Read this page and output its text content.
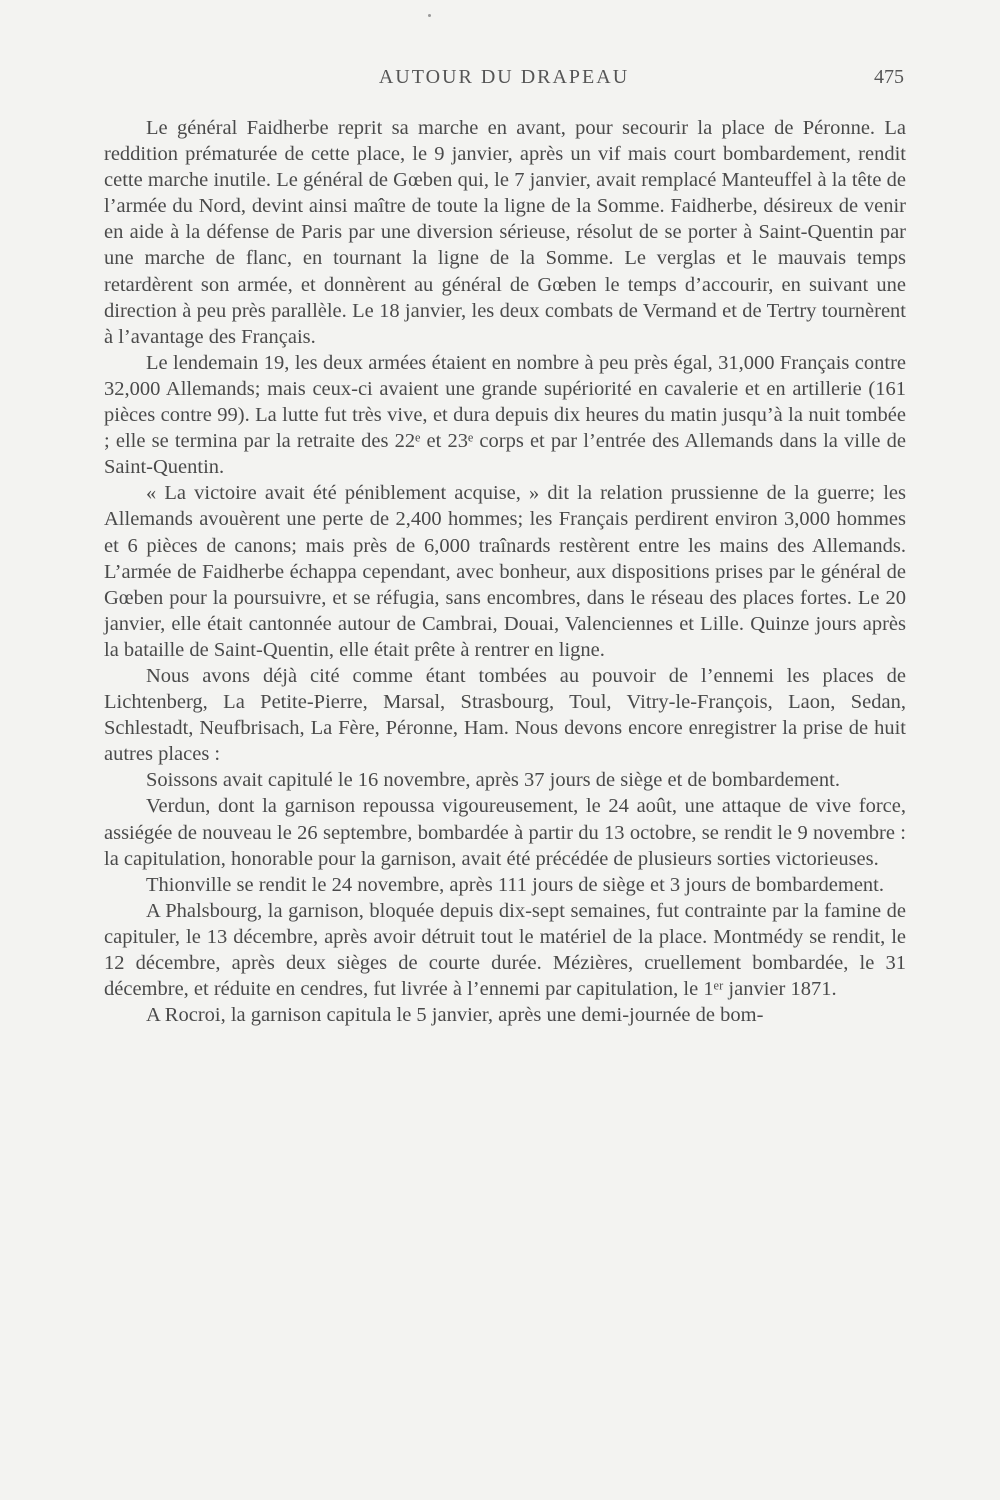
AUTOUR DU DRAPEAU	475

Le général Faidherbe reprit sa marche en avant, pour secourir la place de Péronne. La reddition prématurée de cette place, le 9 janvier, après un vif mais court bombardement, rendit cette marche inutile. Le général de Gœben qui, le 7 janvier, avait remplacé Manteuffel à la tête de l’armée du Nord, devint ainsi maître de toute la ligne de la Somme. Faidherbe, désireux de venir en aide à la défense de Paris par une diversion sérieuse, résolut de se porter à Saint-Quentin par une marche de flanc, en tournant la ligne de la Somme. Le verglas et le mauvais temps retardèrent son armée, et donnèrent au général de Gœben le temps d’accourir, en suivant une direction à peu près parallèle. Le 18 janvier, les deux combats de Vermand et de Tertry tournèrent à l’avantage des Français.

Le lendemain 19, les deux armées étaient en nombre à peu près égal, 31,000 Français contre 32,000 Allemands; mais ceux-ci avaient une grande supériorité en cavalerie et en artillerie (161 pièces contre 99). La lutte fut très vive, et dura depuis dix heures du matin jusqu’à la nuit tombée ; elle se termina par la retraite des 22ᵉ et 23ᵉ corps et par l’entrée des Allemands dans la ville de Saint-Quentin.

« La victoire avait été péniblement acquise, » dit la relation prussienne de la guerre; les Allemands avouèrent une perte de 2,400 hommes; les Français perdirent environ 3,000 hommes et 6 pièces de canons; mais près de 6,000 traînards restèrent entre les mains des Allemands. L’armée de Faidherbe échappa cependant, avec bonheur, aux dispositions prises par le général de Gœben pour la poursuivre, et se réfugia, sans encombres, dans le réseau des places fortes. Le 20 janvier, elle était cantonnée autour de Cambrai, Douai, Valenciennes et Lille. Quinze jours après la bataille de Saint-Quentin, elle était prête à rentrer en ligne.

Nous avons déjà cité comme étant tombées au pouvoir de l’ennemi les places de Lichtenberg, La Petite-Pierre, Marsal, Strasbourg, Toul, Vitry-le-François, Laon, Sedan, Schlestadt, Neufbrisach, La Fère, Péronne, Ham. Nous devons encore enregistrer la prise de huit autres places :

Soissons avait capitulé le 16 novembre, après 37 jours de siège et de bombardement.

Verdun, dont la garnison repoussa vigoureusement, le 24 août, une attaque de vive force, assiégée de nouveau le 26 septembre, bombardée à partir du 13 octobre, se rendit le 9 novembre : la capitulation, honorable pour la garnison, avait été précédée de plusieurs sorties victorieuses.

Thionville se rendit le 24 novembre, après 111 jours de siège et 3 jours de bombardement.

A Phalsbourg, la garnison, bloquée depuis dix-sept semaines, fut contrainte par la famine de capituler, le 13 décembre, après avoir détruit tout le matériel de la place. Montmédy se rendit, le 12 décembre, après deux sièges de courte durée. Mézières, cruellement bombardée, le 31 décembre, et réduite en cendres, fut livrée à l’ennemi par capitulation, le 1ᵉʳ janvier 1871.

A Rocroi, la garnison capitula le 5 janvier, après une demi-journée de bom-
